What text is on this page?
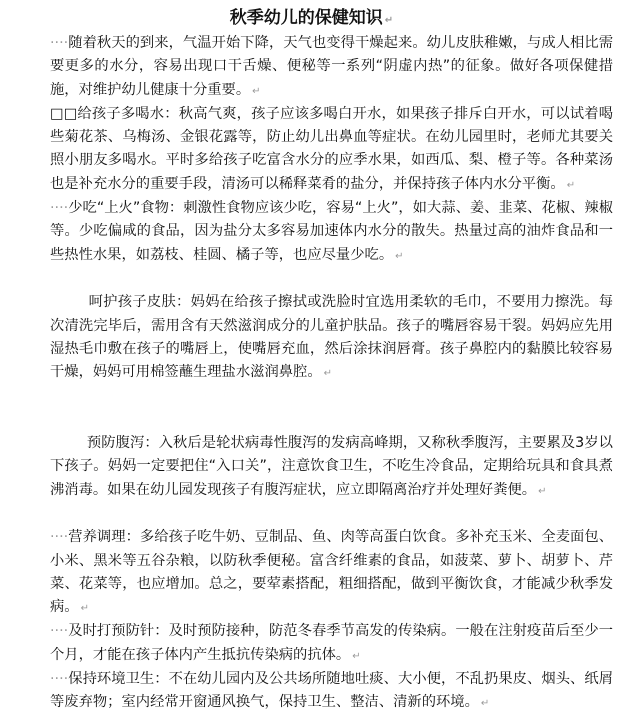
秋季幼儿的保健知识 ↵

····随着秋天的到来，气温开始下降，天气也变得干燥起来。幼儿皮肤稚嫩，与成人相比需要更多的水分，容易出现口干舌燥、便秘等一系列“阴虚内热”的征象。做好各项保健措施，对维护幼儿健康十分重要。 ↵

□□给孩子多喝水：秋高气爽，孩子应该多喝白开水，如果孩子排斥白开水，可以试着喝些菊花茶、乌梅汤、金银花露等，防止幼儿出鼻血等症状。在幼儿园里时，老师尤其要关照小朋友多喝水。平时多给孩子吃富含水分的应季水果，如西瓜、梨、橙子等。各种菜汤也是补充水分的重要手段，清汤可以稀释菜肴的盐分，并保持孩子体内水分平衡。 ↵

····少吃“上火”食物：刺激性食物应该少吃，容易“上火”，如大蒜、姜、韭菜、花椒、辣椒等。少吃偏咸的食品，因为盐分太多容易加速体内水分的散失。热量过高的油炸食品和一些热性水果，如荔枝、桂圆、橘子等，也应尽量少吃。 ↵

呵护孩子皮肤：妈妈在给孩子擦拭或洗脸时宜选用柔软的毛巾，不要用力擦洗。每次清洗完毕后，需用含有天然滋润成分的儿童护肤品。孩子的嘴唇容易干裂。妈妈应先用湿热毛巾敷在孩子的嘴唇上，使嘴唇充血，然后涂抹润唇膏。孩子鼻腔内的黏膜比较容易干燥，妈妈可用棉签蘸生理盐水滋润鼻腔。 ↵

预防腹泻：入秋后是轮状病毒性腹泻的发病高峰期，又称秋季腹泻，主要累及3岁以下孩子。妈妈一定要把住“入口关”，注意饮食卫生，不吃生冷食品，定期给玩具和食具煮沸消毒。如果在幼儿园发现孩子有腹泻症状，应立即隔离治疗并处理好粪便。 ↵

····营养调理：多给孩子吃牛奶、豆制品、鱼、肉等高蛋白饮食。多补充玉米、全麦面包、小米、黑米等五谷杂粮，以防秋季便秘。富含纤维素的食品，如菠菜、萝卜、胡萝卜、芹菜、花菜等，也应增加。总之，要荤素搭配，粗细搭配，做到平衡饮食，才能减少秋季发病。 ↵

····及时打预防针：及时预防接种，防范冬春季节高发的传染病。一般在注射疫苗后至少一个月，才能在孩子体内产生抵抗传染病的抗体。 ↵

····保持环境卫生：不在幼儿园内及公共场所随地吐痰、大小便，不乱扔果皮、烟头、纸屑等废弃物；室内经常开窗通风换气，保持卫生、整洁、清新的环境。 ↵
